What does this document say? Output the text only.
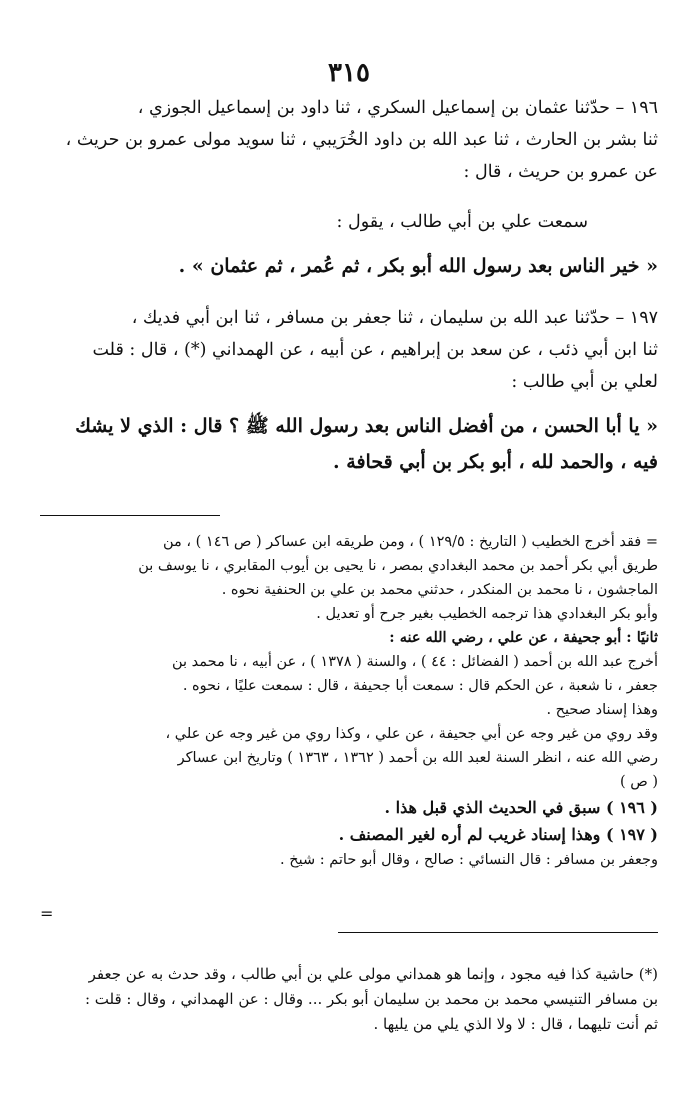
٣١٥

١٩٦ – حدّثنا عثمان بن إسماعيل السكري ، ثنا داود بن إسماعيل الجوزي ،

ثنا بشر بن الحارث ، ثنا عبد الله بن داود الخُرَيبي ، ثنا سويد مولى عمرو بن حريث ،

عن عمرو بن حريث ، قال :

سمعت علي بن أبي طالب ، يقول :

« خير الناس بعد رسول الله أبو بكر ، ثم عُمر ، ثم عثمان » .

١٩٧ – حدّثنا عبد الله بن سليمان ، ثنا جعفر بن مسافر ، ثنا ابن أبي فديك ،

ثنا ابن أبي ذئب ، عن سعد بن إبراهيم ، عن أبيه ، عن الهمداني (*) ، قال : قلت

لعلي بن أبي طالب :

« يا أبا الحسن ، من أفضل الناس بعد رسول الله ﷺ ؟ قال : الذي لا يشك

فيه ، والحمد لله ، أبو بكر بن أبي قحافة .

= فقد أخرج الخطيب ( التاريخ : ١٢٩/٥ ) ، ومن طريقه ابن عساكر ( ص ١٤٦ ) ، من

طريق أبي بكر أحمد بن محمد البغدادي بمصر ، نا يحيى بن أيوب المقابري ، نا يوسف بن

الماجشون ، نا محمد بن المنكدر ، حدثني محمد بن علي بن الحنفية نحوه .

وأبو بكر البغدادي هذا ترجمه الخطيب بغير جرح أو تعديل .

ثانيًا : أبو جحيفة ، عن علي ، رضي الله عنه :

أخرج عبد الله بن أحمد ( الفضائل : ٤٤ ) ، والسنة ( ١٣٧٨ ) ، عن أبيه ، نا محمد بن

جعفر ، نا شعبة ، عن الحكم قال : سمعت أبا جحيفة ، قال : سمعت عليًا ، نحوه .

وهذا إسناد صحيح .

وقد روي من غير وجه عن أبي جحيفة ، عن علي ، وكذا روي من غير وجه عن علي ،

رضي الله عنه ، انظر السنة لعبد الله بن أحمد ( ١٣٦٢ ، ١٣٦٣ ) وتاريخ ابن عساكر

( ص )

( ١٩٦ ) سبق في الحديث الذي قبل هذا .

( ١٩٧ ) وهذا إسناد غريب لم أره لغير المصنف .

وجعفر بن مسافر : قال النسائي : صالح ، وقال أبو حاتم : شيخ .

=

(*) حاشية كذا فيه مجود ، وإنما هو همداني مولى علي بن أبي طالب ، وقد حدث به عن جعفر

بن مسافر التنيسي محمد بن محمد بن سليمان أبو بكر ... وقال : عن الهمداني ، وقال : قلت :

ثم أنت تليهما ، قال : لا ولا الذي يلي من يليها .
